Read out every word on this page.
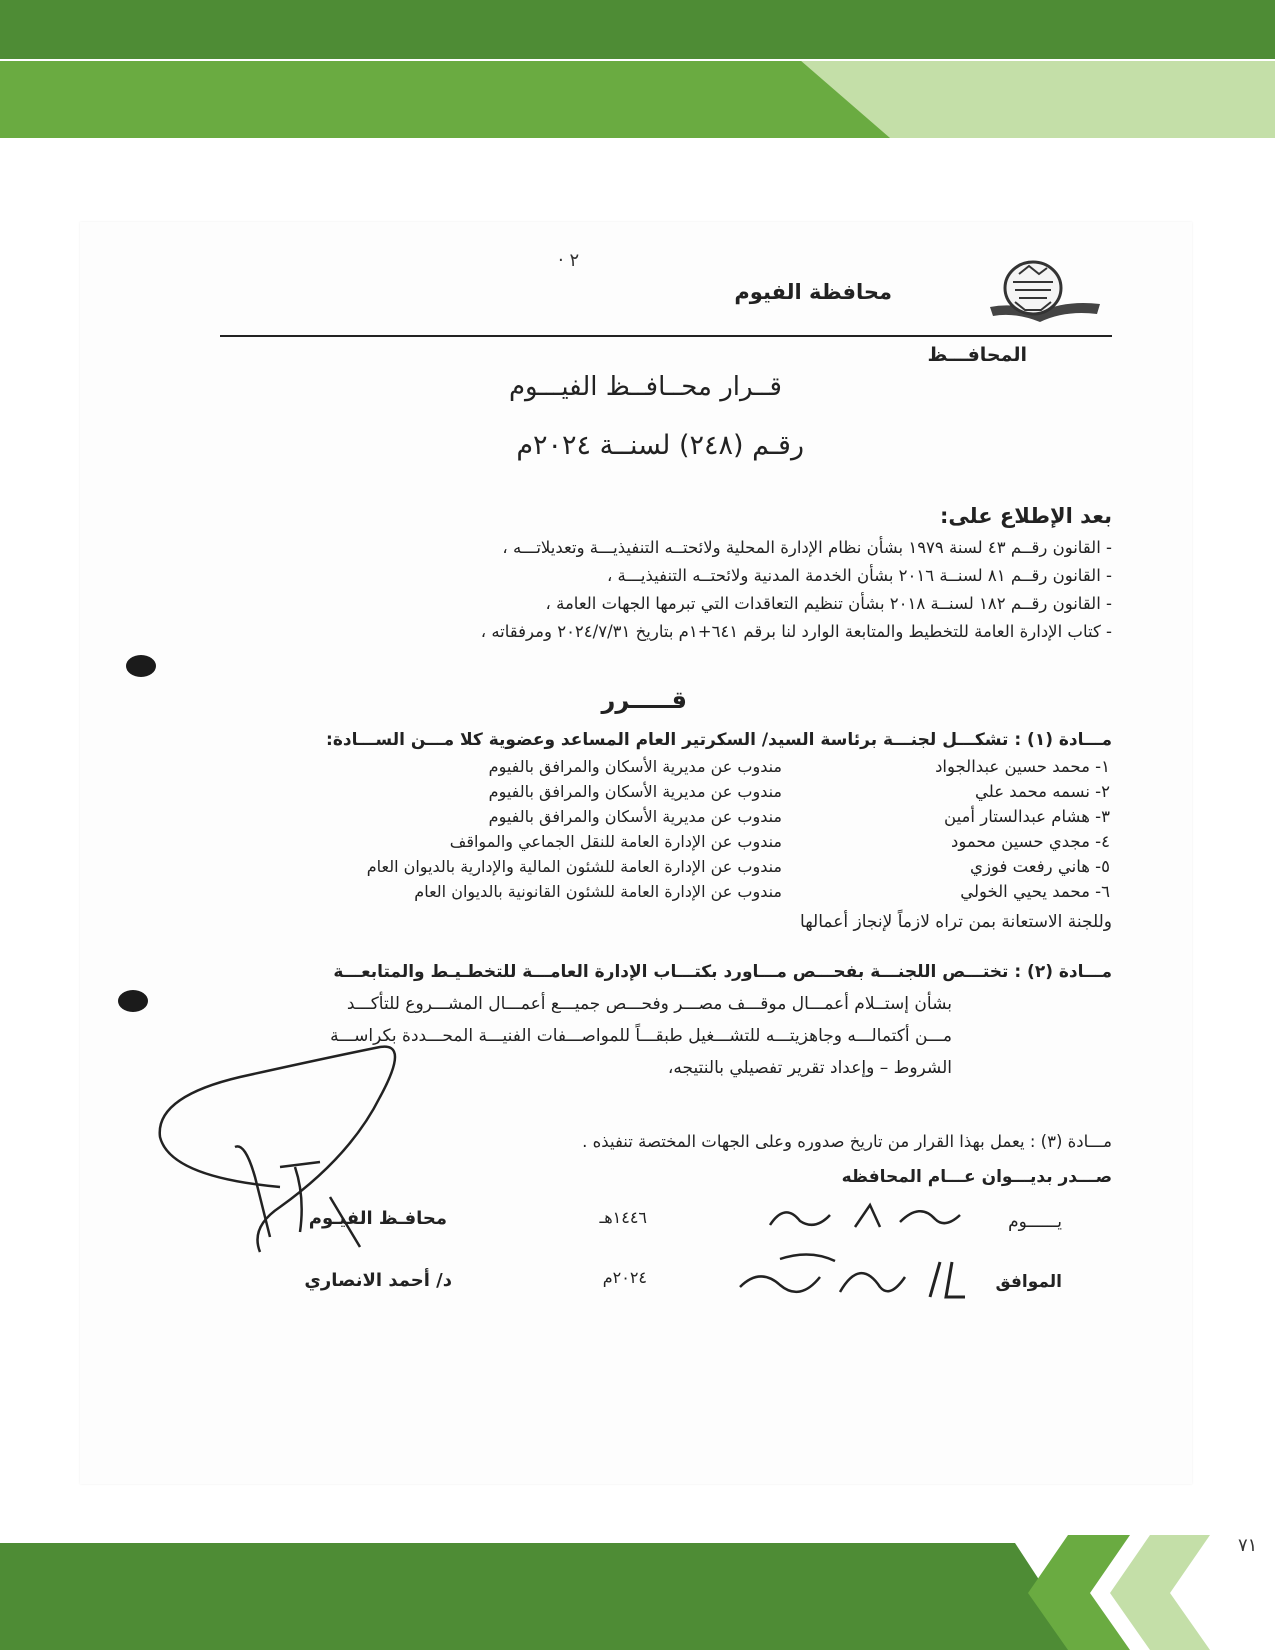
· ٢
محافظة الفيوم
المحافـــظ
قــرار محــافــظ الفيـــوم
رقـم (٢٤٨) لسنــة ٢٠٢٤م
بعد الإطلاع على:
- القانون رقــم ٤٣ لسنة ١٩٧٩ بشأن نظام الإدارة المحلية ولائحتــه التنفيذيـــة وتعديلاتـــه ،
- القانون رقــم ٨١ لسنــة ٢٠١٦ بشأن الخدمة المدنية ولائحتــه التنفيذيـــة ،
- القانون رقــم ١٨٢ لسنــة ٢٠١٨ بشأن تنظيم التعاقدات التي تبرمها الجهات العامة ،
- كتاب الإدارة العامة للتخطيط والمتابعة الوارد لنا برقم ٦٤١+١م بتاريخ ٢٠٢٤/٧/٣١ ومرفقاته ،
قـــــرر
مـــادة (١) : تشكـــل لجنـــة برئاسة السيد/ السكرتير العام المساعد وعضوية كلا مـــن الســـادة:
١- محمد حسين عبدالجواد
مندوب عن مديرية الأسكان والمرافق بالفيوم
٢- نسمه محمد علي
مندوب عن مديرية الأسكان والمرافق بالفيوم
٣- هشام عبدالستار أمين
مندوب عن مديرية الأسكان والمرافق بالفيوم
٤- مجدي حسين محمود
مندوب عن الإدارة العامة للنقل الجماعي والمواقف
٥- هاني رفعت فوزي
مندوب عن الإدارة العامة للشئون المالية والإدارية بالديوان العام
٦- محمد يحيي الخولي
مندوب عن الإدارة العامة للشئون القانونية بالديوان العام
وللجنة الاستعانة بمن تراه لازماً لإنجاز أعمالها
مـــادة (٢) : تختـــص اللجنـــة بفحـــص مـــاورد بكتـــاب الإدارة العامـــة للتخطـيـط والمتابعـــة
بشأن إستــلام أعمـــال موقـــف مصـــر وفحـــص جميـــع أعمـــال المشـــروع للتأكـــد
مـــن أكتمالـــه وجاهزيتـــه للتشـــغيل طبقـــاً للمواصـــفات الفنيـــة المحـــددة بكراســـة
الشروط – وإعداد تقرير تفصيلي بالنتيجه،
مـــادة (٣) : يعمل بهذا القرار من تاريخ صدوره وعلى الجهات المختصة تنفيذه .
صـــدر بديـــوان عـــام المحافظه
يــــــوم
١٤٤٦هـ
محافـظ الفيـوم
الموافق
٢٠٢٤م
د/ أحمد الانصاري
٧١
